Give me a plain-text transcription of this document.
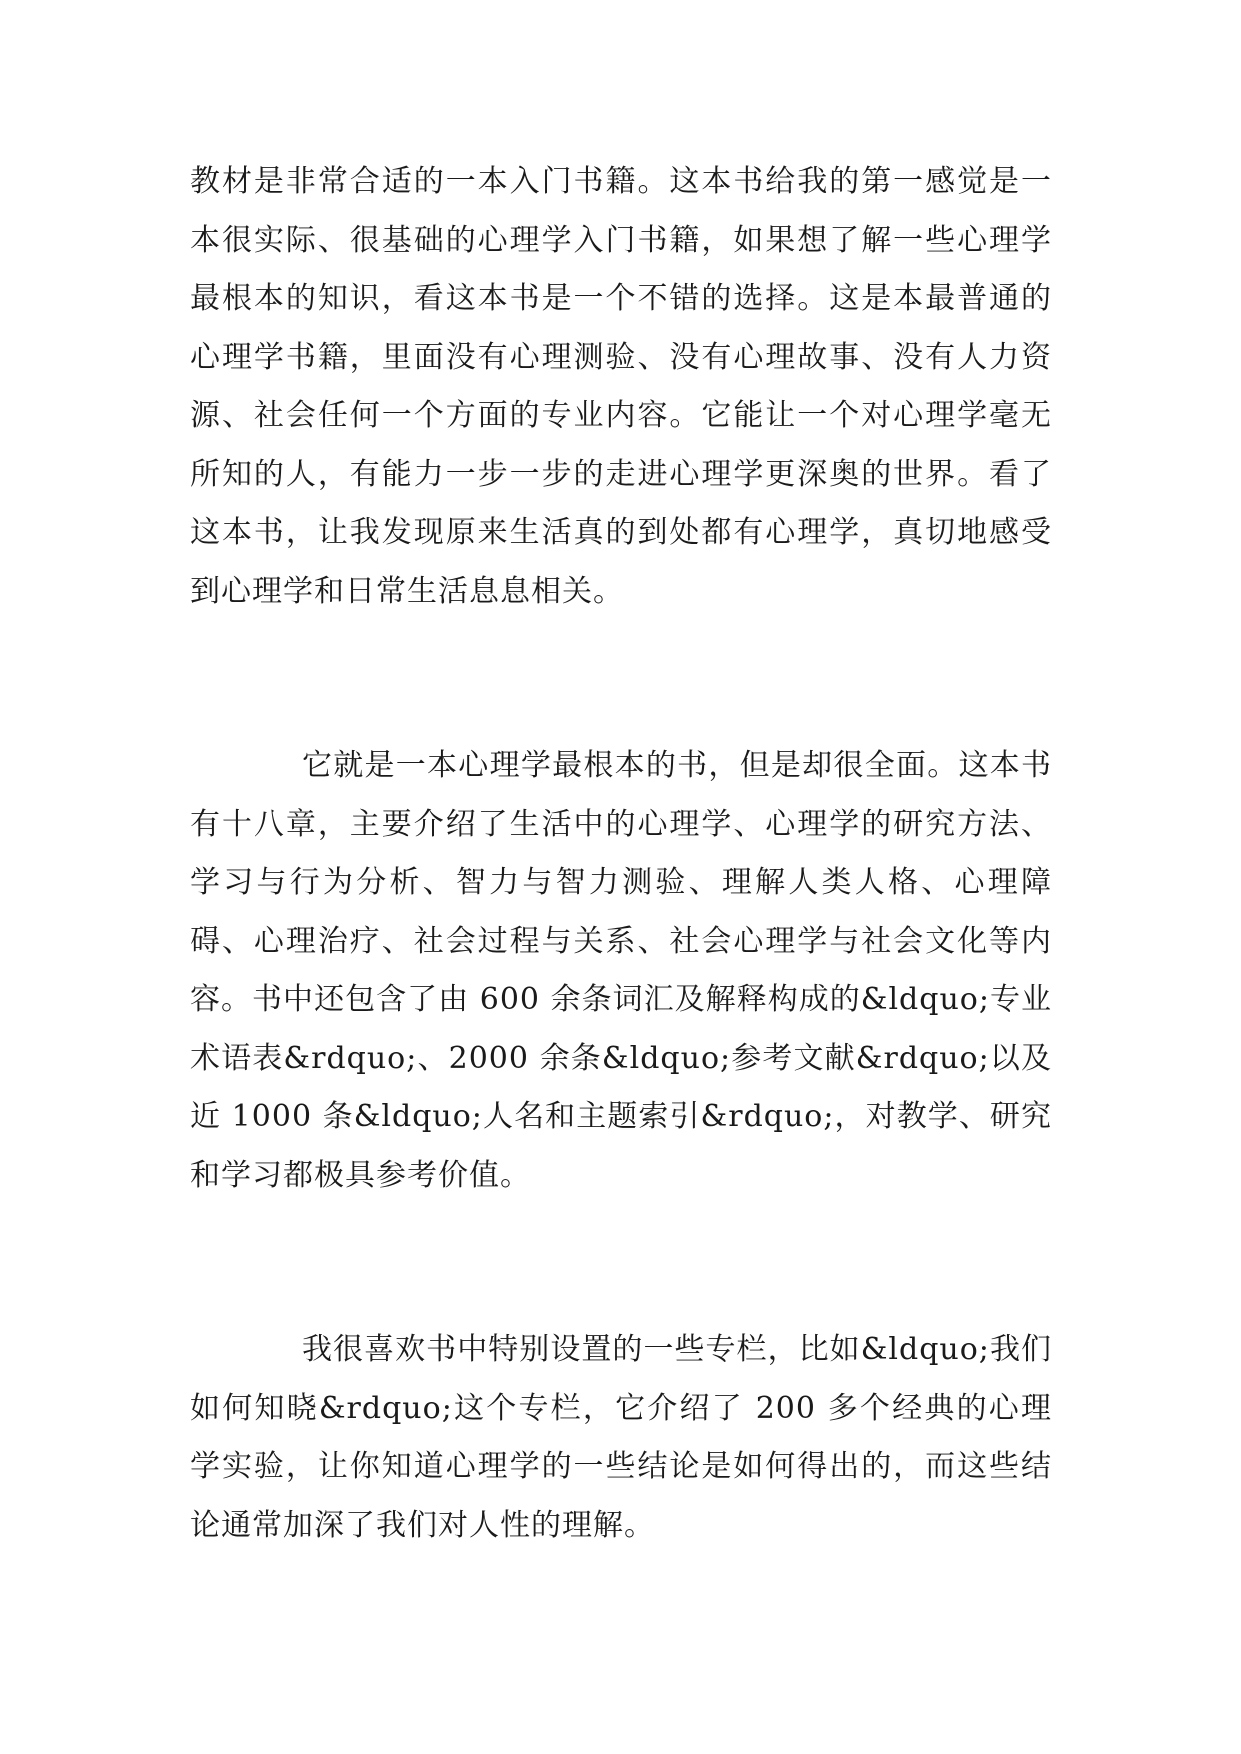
教材是非常合适的一本入门书籍。这本书给我的第一感觉是一本很实际、很基础的心理学入门书籍，如果想了解一些心理学最根本的知识，看这本书是一个不错的选择。这是本最普通的心理学书籍，里面没有心理测验、没有心理故事、没有人力资源、社会任何一个方面的专业内容。它能让一个对心理学毫无所知的人，有能力一步一步的走进心理学更深奥的世界。看了这本书，让我发现原来生活真的到处都有心理学，真切地感受到心理学和日常生活息息相关。

它就是一本心理学最根本的书，但是却很全面。这本书有十八章，主要介绍了生活中的心理学、心理学的研究方法、学习与行为分析、智力与智力测验、理解人类人格、心理障碍、心理治疗、社会过程与关系、社会心理学与社会文化等内容。书中还包含了由 600 余条词汇及解释构成的&ldquo;专业术语表&rdquo;、2000 余条&ldquo;参考文献&rdquo;以及近 1000 条&ldquo;人名和主题索引&rdquo;，对教学、研究和学习都极具参考价值。

我很喜欢书中特别设置的一些专栏，比如&ldquo;我们如何知晓&rdquo;这个专栏，它介绍了 200 多个经典的心理学实验，让你知道心理学的一些结论是如何得出的，而这些结论通常加深了我们对人性的理解。
